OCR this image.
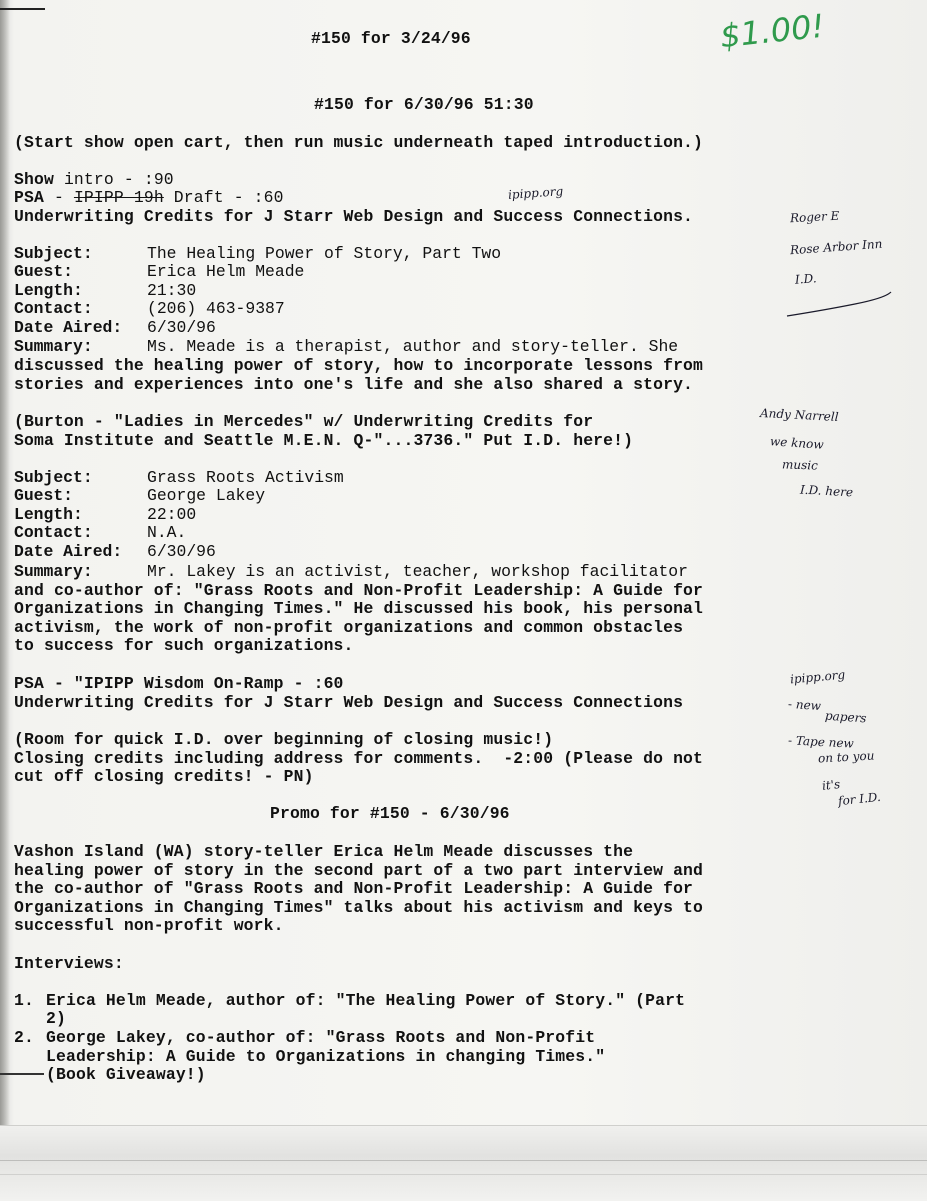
#150 for 3/24/96	$1.00!
#150 for 6/30/96 51:30
(Start show open cart, then run music underneath taped introduction.)
Show intro - :90
PSA - IPIPP 19h Draft - :60
Underwriting Credits for J Starr Web Design and Success Connections.
Subject:	The Healing Power of Story, Part Two
Guest:	Erica Helm Meade
Length:	21:30
Contact:	(206) 463-9387
Date Aired: 6/30/96
Summary:	Ms. Meade is a therapist, author and story-teller. She
discussed the healing power of story, how to incorporate lessons from
stories and experiences into one's life and she also shared a story.
(Burton - "Ladies in Mercedes" w/ Underwriting Credits for
Soma Institute and Seattle M.E.N. Q-"...3736." Put I.D. here!)
Subject:	Grass Roots Activism
Guest:	George Lakey
Length:	22:00
Contact:	N.A.
Date Aired: 6/30/96
Summary:	Mr. Lakey is an activist, teacher, workshop facilitator
and co-author of: "Grass Roots and Non-Profit Leadership: A Guide for
Organizations in Changing Times." He discussed his book, his personal
activism, the work of non-profit organizations and common obstacles
to success for such organizations.
PSA - "IPIPP Wisdom On-Ramp - :60
Underwriting Credits for J Starr Web Design and Success Connections
(Room for quick I.D. over beginning of closing music!)
Closing credits including address for comments.  -2:00 (Please do not
cut off closing credits! - PN)
Promo for #150 - 6/30/96
Vashon Island (WA) story-teller Erica Helm Meade discusses the
healing power of story in the second part of a two part interview and
the co-author of "Grass Roots and Non-Profit Leadership: A Guide for
Organizations in Changing Times" talks about his activism and keys to
successful non-profit work.
Interviews:
1. Erica Helm Meade, author of: "The Healing Power of Story." (Part
2)
2. George Lakey, co-author of: "Grass Roots and Non-Profit
Leadership: A Guide to Organizations in changing Times."
(Book Giveaway!)
ipipp.org
Roger E
Rose Arbor Inn
I.D.
Andy Narrell
we know
music
I.D. here
ipipp.org
- new
papers
- Tape new
on to you
it's
for I.D.
